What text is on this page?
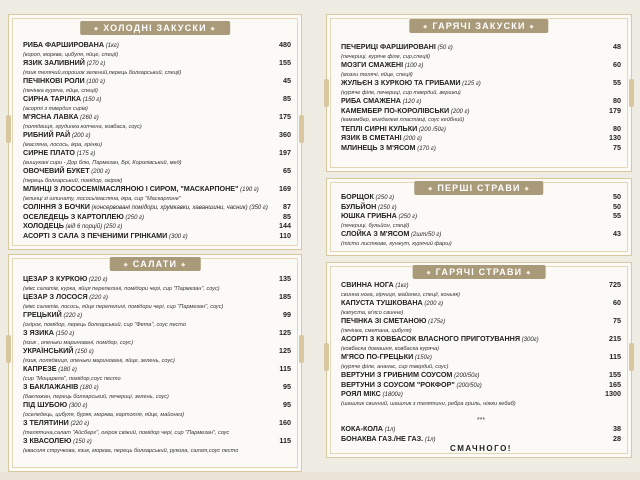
◆ ХОЛОДНІ ЗАКУСКИ ◆
РИБА ФАРШИРОВАНА (1кг)	480
(короп, морква, цибуля, яйце, спеції)
ЯЗИК ЗАЛИВНИЙ (270 г)	155
(язик телячий,горошок зелений,перець болгарський, спеції)
ПЕЧІНКОВІ РОЛИ (100 г)	45
(печінка куряча, яйце, спеції)
СИРНА ТАРІЛКА (150 г)	85
(асорті з твердих сирів)
М'ЯСНА ЛАВКА (260 г)	175
(полядвиця, грудинка копчена, ковбаса, соус)
РИБНИЙ РАЙ (200 г)	360
(масляна, лосось, ікра, грінки)
СИРНЕ ПЛАТО (175 г)	197
(вишукані сири - Дор блю, Пармезан, Брі, Королівський, мед)
ОВОЧЕВИЙ БУКЕТ (200 г)	65
(перець болгарський, помідор, огірок)
МЛИНЦІ З ЛОСОСЕМ/МАСЛЯНОЮ І СИРОМ, "МАСКАРПОНЕ" (190 г)	169
(млинці зі шпинату, лосось/масляна, ікра, сир "Маскарпоне"
СОЛІННЯ З БОЧКИ (консервовані помідори, хрумкавки, хаваншини, часник) (350 г)	87
ОСЕЛЕДЕЦЬ З КАРТОПЛЕЮ (250 г)	85
ХОЛОДЕЦЬ (від 6 порцій) (250 г)	144
АСОРТІ З САЛА З ПЕЧЕНИМИ ГРІНКАМИ (300 г)	110
◆ САЛАТИ ◆
ЦЕЗАР З КУРКОЮ (220 г)	135
(мікс салатів, курка, яйця перепелині, помідори чері, сир "Пармезан", соус)
ЦЕЗАР З ЛОСОСЯ (220 г)	185
(мікс салатів, лосось, яйце перепелині, помідори чері, сир "Пармезан", соус)
ГРЕЦЬКИЙ (220 г)	99
(огірок, помідор, перець болгарський, сир "Фета", соус песто
З ЯЗИКА (150 г)	125
(язик , опеньки мариновані, помідор, соус)
УКРАЇНСЬКИЙ (150 г)	125
(язик, полядвиця, опеньки мариновані, яйце, зелень, соус)
КАПРЕЗЕ (180 г)	115
(сир "Моцарела", помідор,соус песто
З БАКЛАЖАНІВ (180 г)	95
(баклажан, перець болгарський, печериці, зелень, соус)
ПІД ШУБОЮ (300 г)	95
(оселедець, цибуля, буряк, морква, картопля, яйце, майонез)
З ТЕЛЯТИНИ (220 г)	160
(телятина,салат "Айсберг", огірок свіжий, помідор чері, сир "Пармезан", соус
З КВАСОЛЕЮ (150 г)	115
(квасоля стручкова, язик, морква, перець болгарський, рукола, салат,соус песто
◆ ГАРЯЧІ ЗАКУСКИ ◆
ПЕЧЕРИЦІ ФАРШИРОВАНІ (50 г)	48
(печериці, куряче філе, сир,спеції)
МОЗГИ СМАЖЕНІ (100 г)	60
(мозги телячі, яйце, спеції)
ЖУЛЬЄН З КУРКОЮ ТА ГРИБАМИ (125 г)	55
(куряче філе, печериці, сир твердий, вершки)
РИБА СМАЖЕНА (120 г)	80
КАМЕМБЕР ПО-КОРОЛІВСЬКИ (200 г)	179
(камамбер, мигдалеві пластівці, соус кейбний)
ТЕПЛІ СИРНІ КУЛЬКИ (200 /50г)	80
ЯЗИК В СМЕТАНІ (200 г)	130
МЛИНЕЦЬ З М'ЯСОМ (170 г)	75
◆ ПЕРШІ СТРАВИ ◆
БОРЩОК (250 г)	50
БУЛЬЙОН (250 г)	50
ЮШКА ГРИБНА (250 г)	55
(печериці, бульйон, спеції)
СЛОЙКА З М'ЯСОМ (2шт/50 г)	43
(тісто листкове, кунжут, курячий фарш)
◆ ГАРЯЧІ СТРАВИ ◆
СВИННА НОГА (1кг)	725
свинна нога, гірчиця, майонез, спеції, коньяк)
КАПУСТА ТУШКОВАНА (200 г)	60
(капуста, м'ясо свинне)
ПЕЧІНКА ЗІ СМЕТАНОЮ (175г)	75
(печінка, сметана, цибуля)
АСОРТІ З КОВБАСОК ВЛАСНОГО ПРИГОТУВАННЯ (300г)	215
(ковбаска домашня, ковбаска куряча)
М'ЯСО ПО-ГРЕЦЬКИ (150г)	115
(куряче філе, ананас, сир твердий, соус)
ВЕРТУНИ З ГРИБНИМ СОУСОМ (200/50г)	155
ВЕРТУНИ З СОУСОМ "РОКФОР" (200/50г)	165
РОЯЛ МІКС (1800г)	1300
(шашлик свинний, шашлик з телятини, ребра гриль, ніжки кебаб)
***
КОКА-КОЛА (1л)	38
БОНАКВА ГАЗ./НЕ ГАЗ. (1л)	28
СМАЧНОГО!
